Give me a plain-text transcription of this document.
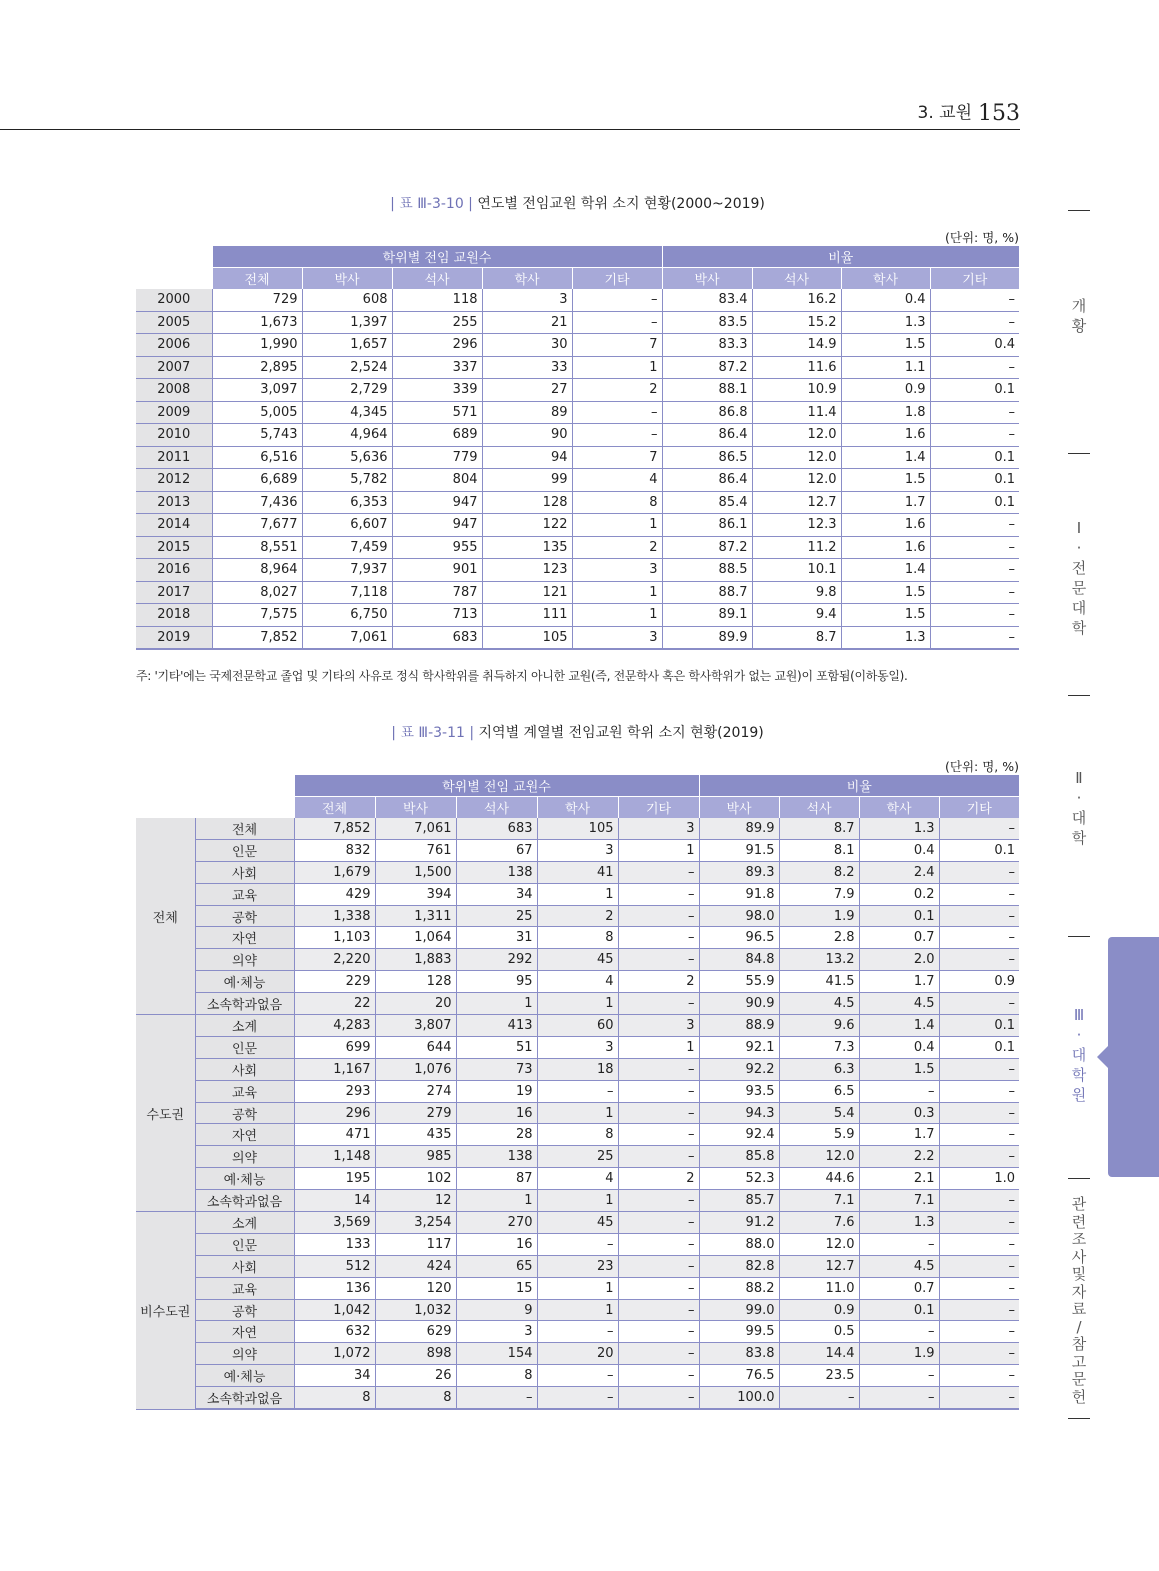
3. 교원 153
| 표 Ⅲ-3-10 | 연도별 전임교원 학위 소지 현황(2000~2019)
(단위: 명, %)
	학위별 전임 교원수					비율			
	전체	박사	석사	학사	기타	박사	석사	학사	기타
2000	729	608	118	3	–	83.4	16.2	0.4	–
2005	1,673	1,397	255	21	–	83.5	15.2	1.3	–
2006	1,990	1,657	296	30	7	83.3	14.9	1.5	0.4
2007	2,895	2,524	337	33	1	87.2	11.6	1.1	–
2008	3,097	2,729	339	27	2	88.1	10.9	0.9	0.1
2009	5,005	4,345	571	89	–	86.8	11.4	1.8	–
2010	5,743	4,964	689	90	–	86.4	12.0	1.6	–
2011	6,516	5,636	779	94	7	86.5	12.0	1.4	0.1
2012	6,689	5,782	804	99	4	86.4	12.0	1.5	0.1
2013	7,436	6,353	947	128	8	85.4	12.7	1.7	0.1
2014	7,677	6,607	947	122	1	86.1	12.3	1.6	–
2015	8,551	7,459	955	135	2	87.2	11.2	1.6	–
2016	8,964	7,937	901	123	3	88.5	10.1	1.4	–
2017	8,027	7,118	787	121	1	88.7	9.8	1.5	–
2018	7,575	6,750	713	111	1	89.1	9.4	1.5	–
2019	7,852	7,061	683	105	3	89.9	8.7	1.3	–
주: '기타'에는 국제전문학교 졸업 및 기타의 사유로 정식 학사학위를 취득하지 아니한 교원(즉, 전문학사 혹은 학사학위가 없는 교원)이 포함됨(이하동일).
| 표 Ⅲ-3-11 | 지역별 계열별 전임교원 학위 소지 현황(2019)
(단위: 명, %)
		학위별 전임 교원수					비율			
		전체	박사	석사	학사	기타	박사	석사	학사	기타
전체	전체	7,852	7,061	683	105	3	89.9	8.7	1.3	–
	인문	832	761	67	3	1	91.5	8.1	0.4	0.1
	사회	1,679	1,500	138	41	–	89.3	8.2	2.4	–
	교육	429	394	34	1	–	91.8	7.9	0.2	–
	공학	1,338	1,311	25	2	–	98.0	1.9	0.1	–
	자연	1,103	1,064	31	8	–	96.5	2.8	0.7	–
	의약	2,220	1,883	292	45	–	84.8	13.2	2.0	–
	예·체능	229	128	95	4	2	55.9	41.5	1.7	0.9
	소속학과없음	22	20	1	1	–	90.9	4.5	4.5	–
수도권	소계	4,283	3,807	413	60	3	88.9	9.6	1.4	0.1
	인문	699	644	51	3	1	92.1	7.3	0.4	0.1
	사회	1,167	1,076	73	18	–	92.2	6.3	1.5	–
	교육	293	274	19	–	–	93.5	6.5	–	–
	공학	296	279	16	1	–	94.3	5.4	0.3	–
	자연	471	435	28	8	–	92.4	5.9	1.7	–
	의약	1,148	985	138	25	–	85.8	12.0	2.2	–
	예·체능	195	102	87	4	2	52.3	44.6	2.1	1.0
	소속학과없음	14	12	1	1	–	85.7	7.1	7.1	–
비수도권	소계	3,569	3,254	270	45	–	91.2	7.6	1.3	–
	인문	133	117	16	–	–	88.0	12.0	–	–
	사회	512	424	65	23	–	82.8	12.7	4.5	–
	교육	136	120	15	1	–	88.2	11.0	0.7	–
	공학	1,042	1,032	9	1	–	99.0	0.9	0.1	–
	자연	632	629	3	–	–	99.5	0.5	–	–
	의약	1,072	898	154	20	–	83.8	14.4	1.9	–
	예·체능	34	26	8	–	–	76.5	23.5	–	–
	소속학과없음	8	8	–	–	–	100.0	–	–	–
개
황
Ⅰ
·
전
문
대
학
Ⅱ
·
대
학
Ⅲ
·
대
학
원
관
련
조
사
및
자
료
/
참
고
문
헌
